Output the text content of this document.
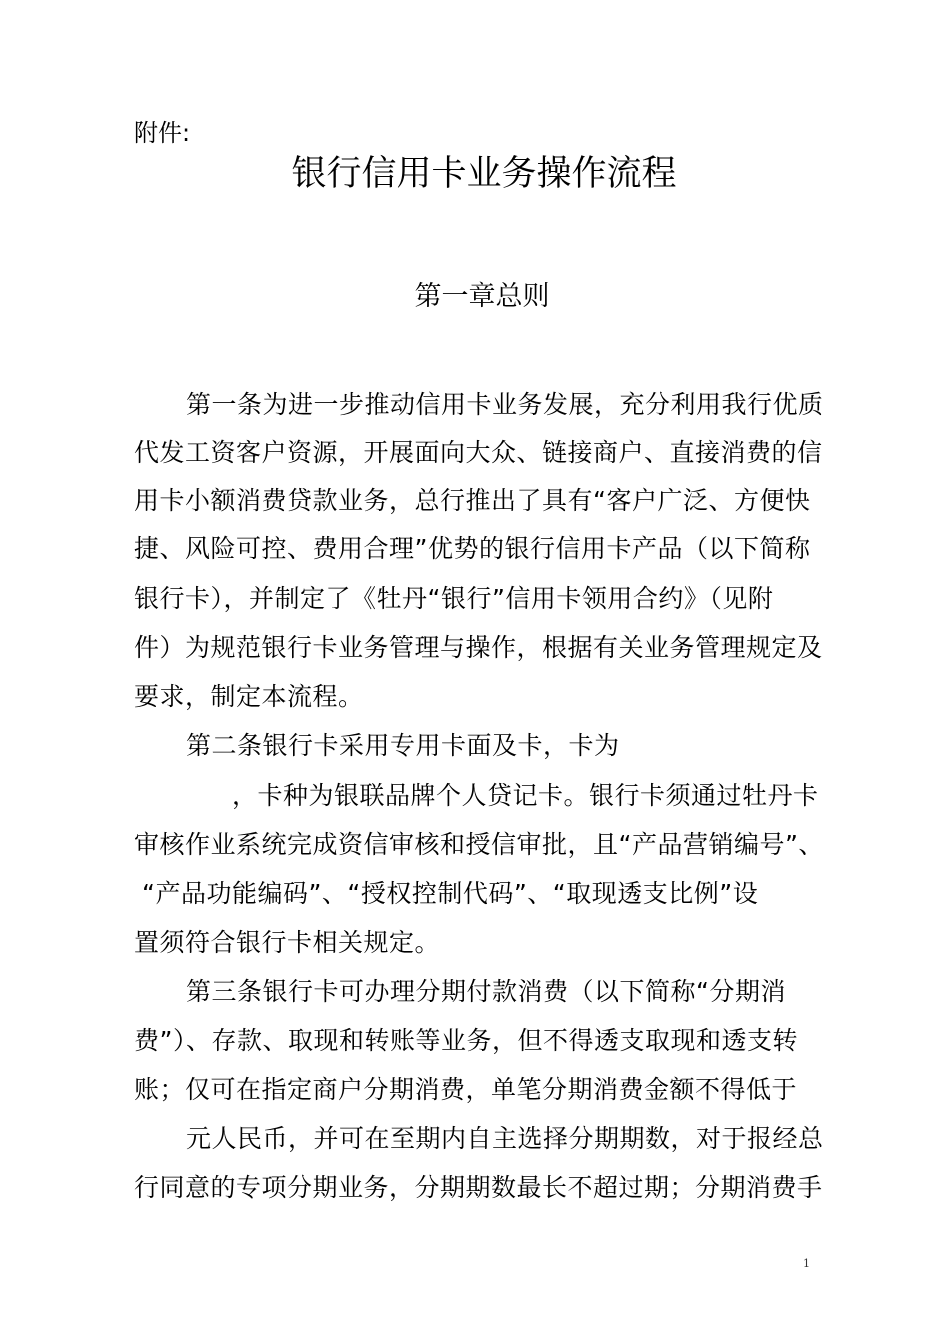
附件:
银行信用卡业务操作流程
第一章总则
第一条为进一步推动信用卡业务发展，充分利用我行优质
代发工资客户资源，开展面向大众、链接商户、直接消费的信
用卡小额消费贷款业务，总行推出了具有“客户广泛、方便快
捷、风险可控、费用合理”优势的银行信用卡产品（以下简称
银行卡），并制定了《牡丹“银行”信用卡领用合约》（见附
件）为规范银行卡业务管理与操作，根据有关业务管理规定及
要求，制定本流程。
第二条银行卡采用专用卡面及卡，卡为
，卡种为银联品牌个人贷记卡。银行卡须通过牡丹卡
审核作业系统完成资信审核和授信审批，且“产品营销编号”、
“产品功能编码”、“授权控制代码”、“取现透支比例”设
置须符合银行卡相关规定。
第三条银行卡可办理分期付款消费（以下简称“分期消
费”）、存款、取现和转账等业务，但不得透支取现和透支转
账；仅可在指定商户分期消费，单笔分期消费金额不得低于
元人民币，并可在至期内自主选择分期期数，对于报经总
行同意的专项分期业务，分期期数最长不超过期；分期消费手
1
